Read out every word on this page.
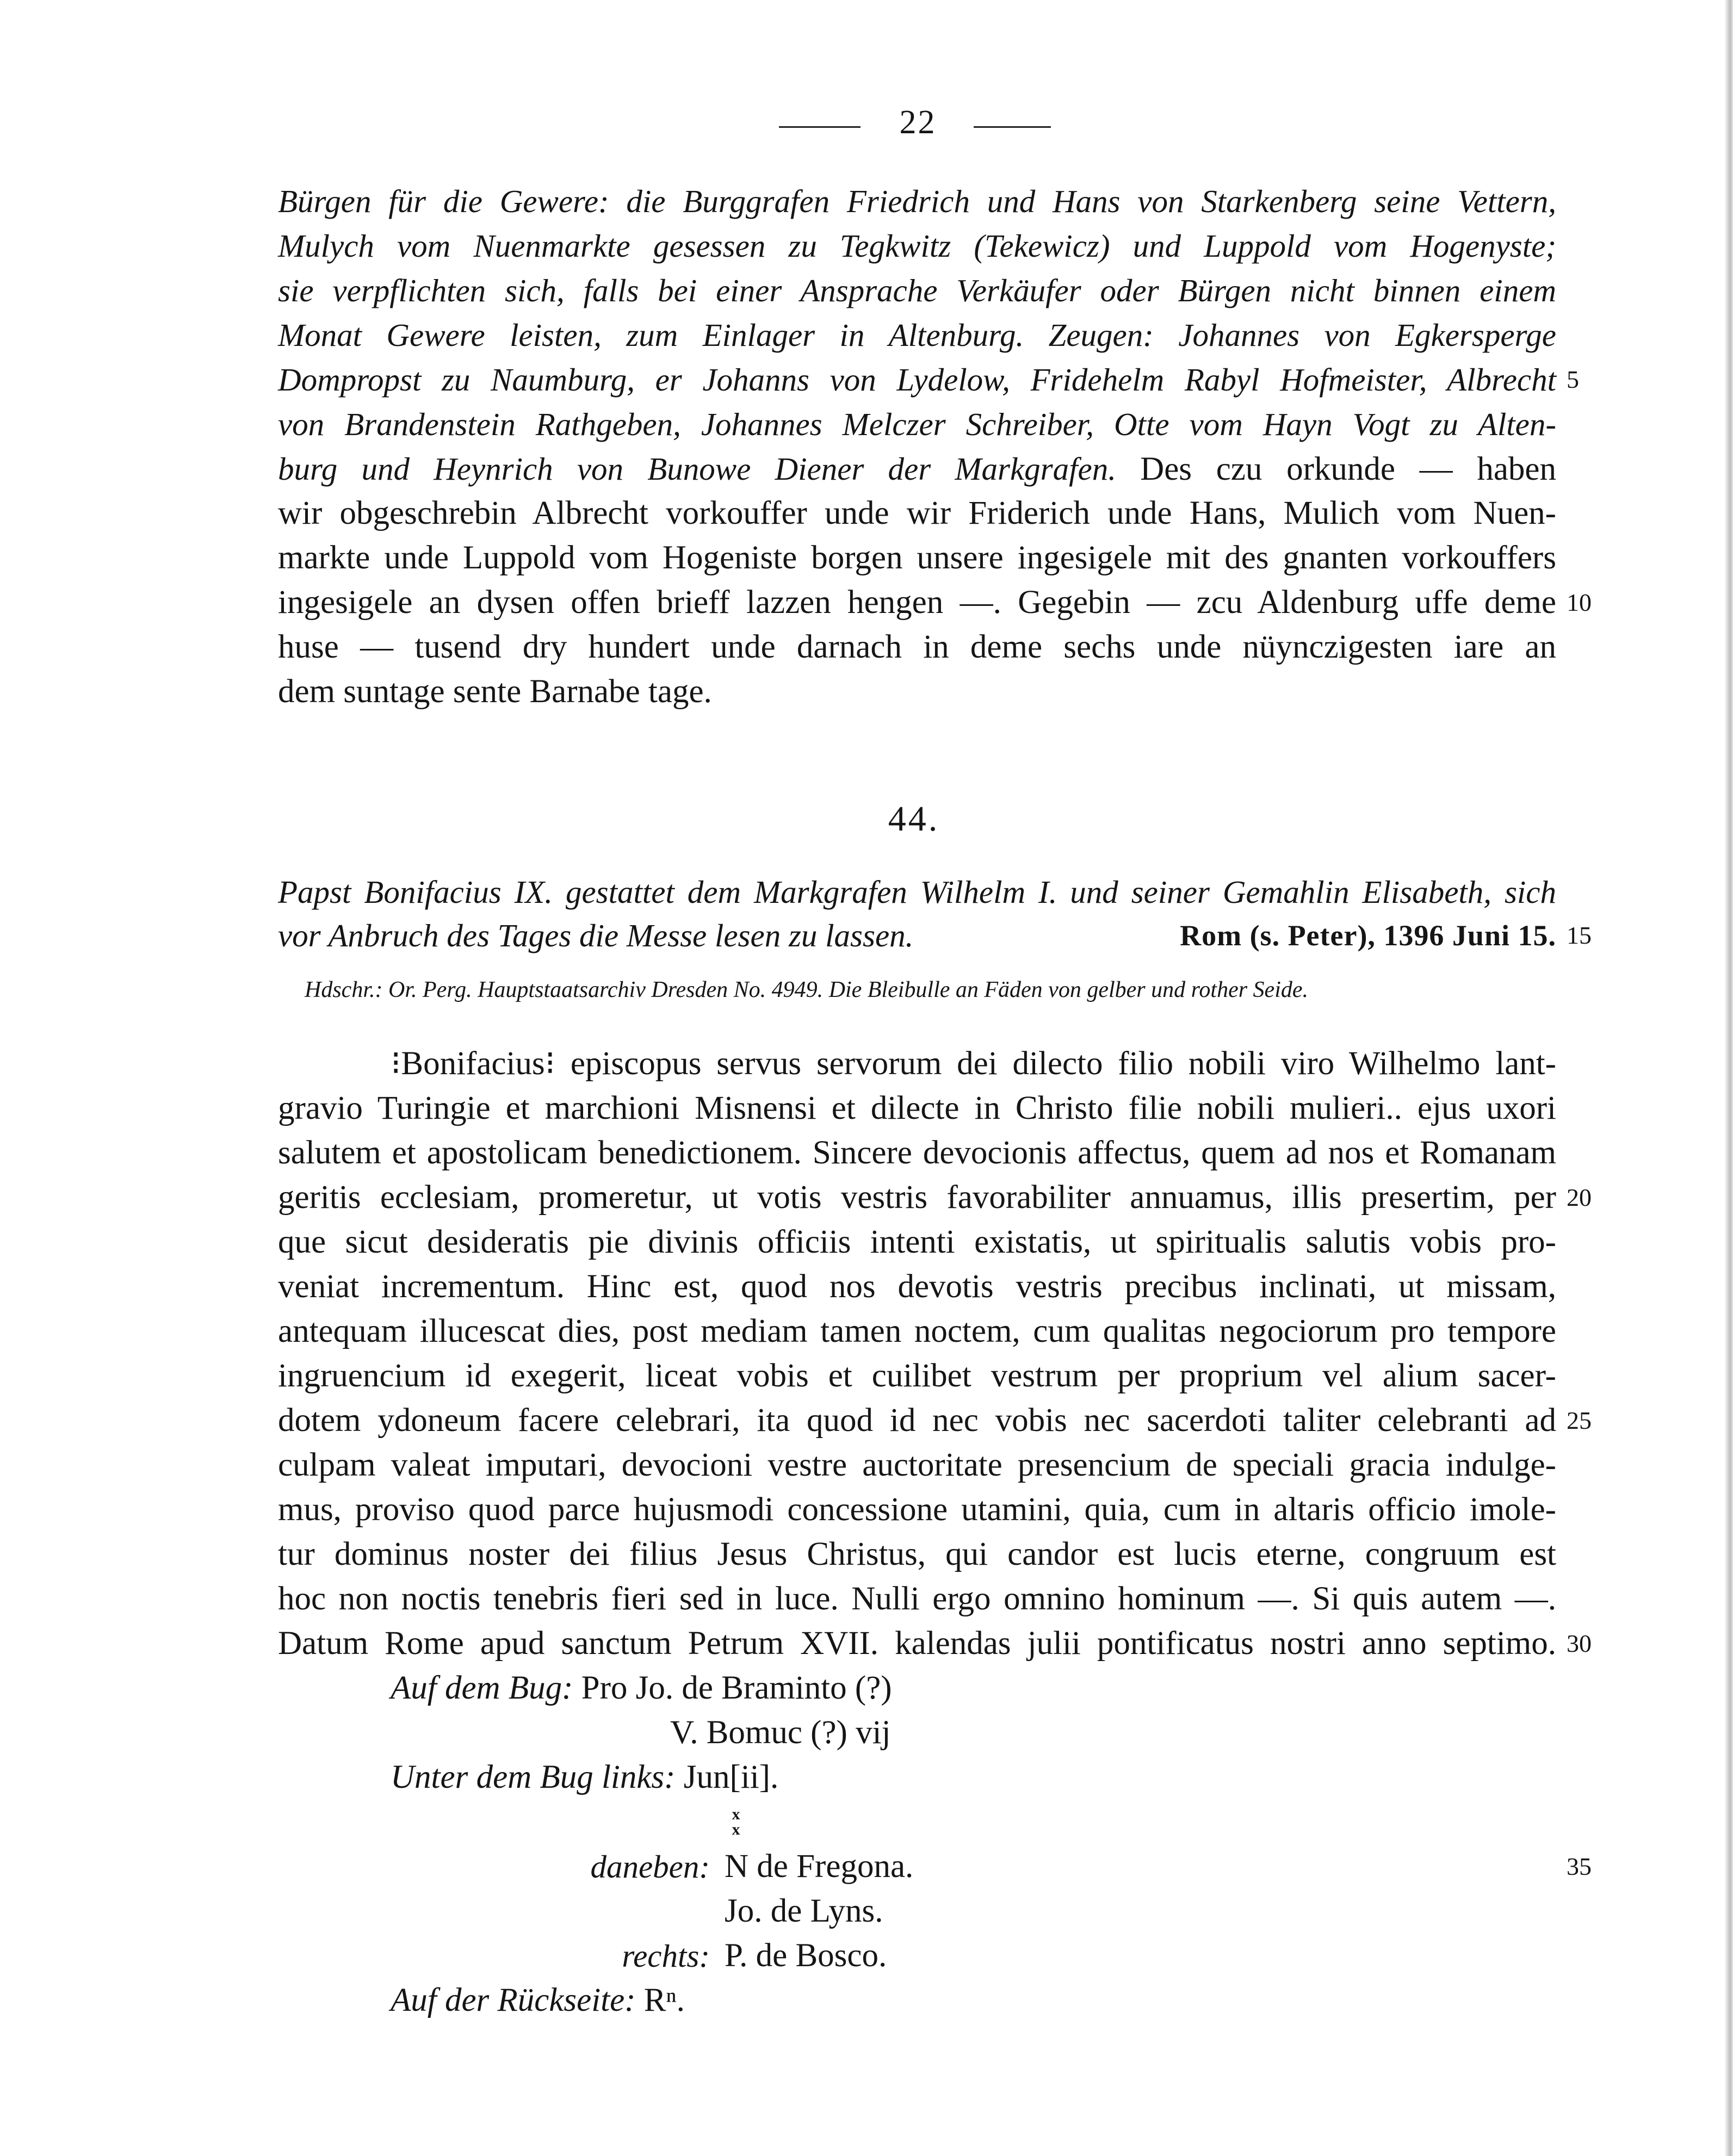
22
Bürgen für die Gewere: die Burggrafen Friedrich und Hans von Starkenberg seine Vettern,
Mulych vom Nuenmarkte gesessen zu Tegkwitz (Tekewicz) und Luppold vom Hogenyste;
sie verpflichten sich, falls bei einer Ansprache Verkäufer oder Bürgen nicht binnen einem
Monat Gewere leisten, zum Einlager in Altenburg. Zeugen: Johannes von Egkersperge
Dompropst zu Naumburg, er Johanns von Lydelow, Fridehelm Rabyl Hofmeister, Albrecht 5
von Brandenstein Rathgeben, Johannes Melczer Schreiber, Otte vom Hayn Vogt zu Alten-
burg und Heynrich von Bunowe Diener der Markgrafen. Des czu orkunde — haben
wir obgeschrebin Albrecht vorkouffer unde wir Friderich unde Hans, Mulich vom Nuen-
markte unde Luppold vom Hogeniste borgen unsere ingesigele mit des gnanten vorkouffers
ingesigele an dysen offen brieff lazzen hengen —. Gegebin — zcu Aldenburg uffe deme 10
huse — tusend dry hundert unde darnach in deme sechs unde nüynczigesten iare an
dem suntage sente Barnabe tage.
44.
Papst Bonifacius IX. gestattet dem Markgrafen Wilhelm I. und seiner Gemahlin Elisabeth, sich
vor Anbruch des Tages die Messe lesen zu lassen.	Rom (s. Peter), 1396 Juni 15. 15
Hdschr.: Or. Perg. Hauptstaatsarchiv Dresden No. 4949. Die Bleibulle an Fäden von gelber und rother Seide.
⁝Bonifacius⁝ episcopus servus servorum dei dilecto filio nobili viro Wilhelmo lant-
gravio Turingie et marchioni Misnensi et dilecte in Christo filie nobili mulieri.. ejus uxori
salutem et apostolicam benedictionem. Sincere devocionis affectus, quem ad nos et Romanam
geritis ecclesiam, promeretur, ut votis vestris favorabiliter annuamus, illis presertim, per 20
que sicut desideratis pie divinis officiis intenti existatis, ut spiritualis salutis vobis pro-
veniat incrementum. Hinc est, quod nos devotis vestris precibus inclinati, ut missam,
antequam illucescat dies, post mediam tamen noctem, cum qualitas negociorum pro tempore
ingruencium id exegerit, liceat vobis et cuilibet vestrum per proprium vel alium sacer-
dotem ydoneum facere celebrari, ita quod id nec vobis nec sacerdoti taliter celebranti ad 25
culpam valeat imputari, devocioni vestre auctoritate presencium de speciali gracia indulge-
mus, proviso quod parce hujusmodi concessione utamini, quia, cum in altaris officio imole-
tur dominus noster dei filius Jesus Christus, qui candor est lucis eterne, congruum est
hoc non noctis tenebris fieri sed in luce. Nulli ergo omnino hominum —. Si quis autem —.
Datum Rome apud sanctum Petrum XVII. kalendas julii pontificatus nostri anno septimo. 30
Auf dem Bug: Pro Jo. de Braminto (?)
V. Bomuc (?) vij
Unter dem Bug links: Jun[ii].
x
x
daneben: N de Fregona.	35
Jo. de Lyns.
rechts: P. de Bosco.
Auf der Rückseite: Rⁿ.
